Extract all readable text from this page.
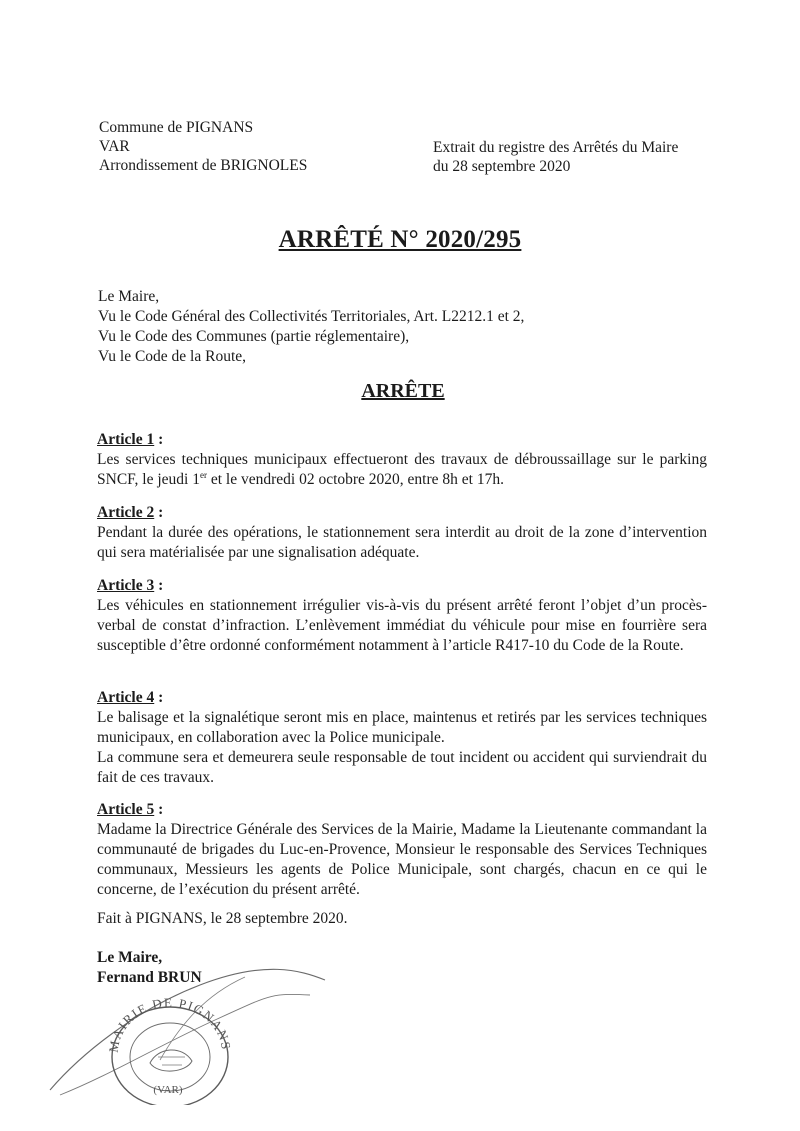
Commune de PIGNANS
VAR
Arrondissement de BRIGNOLES
Extrait du registre des Arrêtés du Maire
du 28 septembre 2020
ARRÊTÉ N° 2020/295
Le Maire,
Vu le Code Général des Collectivités Territoriales, Art. L2212.1 et 2,
Vu le Code des Communes (partie réglementaire),
Vu le Code de la Route,
ARRÊTE
Article 1 :
Les services techniques municipaux effectueront des travaux de débroussaillage sur le parking SNCF, le jeudi 1er et le vendredi 02 octobre 2020, entre 8h et 17h.
Article 2 :
Pendant la durée des opérations, le stationnement sera interdit au droit de la zone d’intervention qui sera matérialisée par une signalisation adéquate.
Article 3 :
Les véhicules en stationnement irrégulier vis-à-vis du présent arrêté feront l’objet d’un procès-verbal de constat d’infraction. L’enlèvement immédiat du véhicule pour mise en fourrière sera susceptible d’être ordonné conformément notamment à l’article R417-10 du Code de la Route.
Article 4 :
Le balisage et la signalétique seront mis en place, maintenus et retirés par les services techniques municipaux, en collaboration avec la Police municipale.
La commune sera et demeurera seule responsable de tout incident ou accident qui surviendrait du fait de ces travaux.
Article 5 :
Madame la Directrice Générale des Services de la Mairie, Madame la Lieutenante commandant la communauté de brigades du Luc-en-Provence, Monsieur le responsable des Services Techniques communaux, Messieurs les agents de Police Municipale, sont chargés, chacun en ce qui le concerne, de l’exécution du présent arrêté.
Fait à PIGNANS, le 28 septembre 2020.
MAIRIE DE PIGNANS
(VAR)
Le Maire,
Fernand BRUN
